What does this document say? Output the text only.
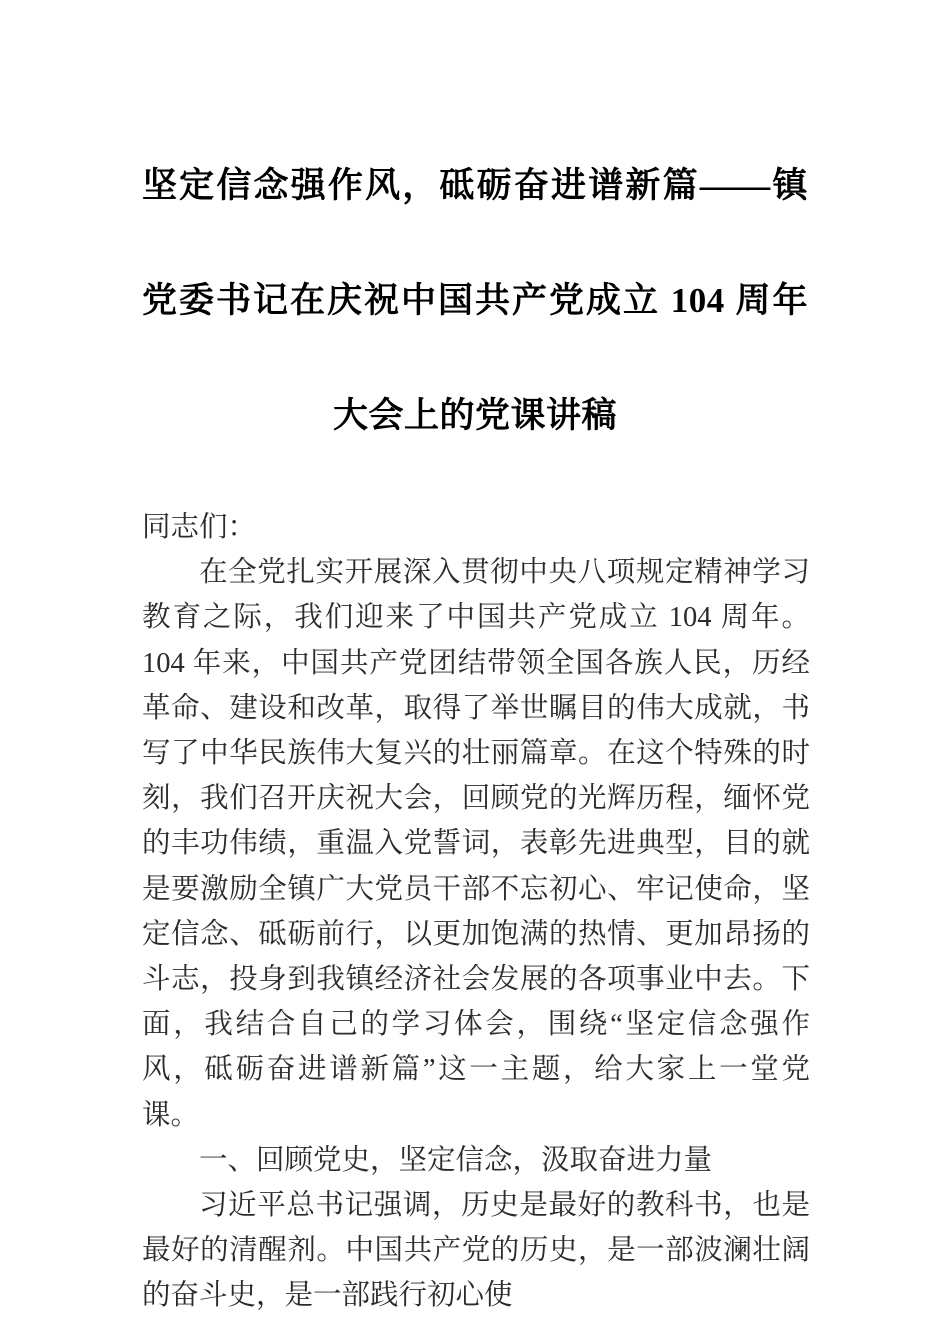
坚定信念强作风，砥砺奋进谱新篇——镇
党委书记在庆祝中国共产党成立 104 周年
大会上的党课讲稿

同志们：

在全党扎实开展深入贯彻中央八项规定精神学习教育之际，我们迎来了中国共产党成立 104 周年。104 年来，中国共产党团结带领全国各族人民，历经革命、建设和改革，取得了举世瞩目的伟大成就，书写了中华民族伟大复兴的壮丽篇章。在这个特殊的时刻，我们召开庆祝大会，回顾党的光辉历程，缅怀党的丰功伟绩，重温入党誓词，表彰先进典型，目的就是要激励全镇广大党员干部不忘初心、牢记使命，坚定信念、砥砺前行，以更加饱满的热情、更加昂扬的斗志，投身到我镇经济社会发展的各项事业中去。下面，我结合自己的学习体会，围绕“坚定信念强作风，砥砺奋进谱新篇”这一主题，给大家上一堂党课。

一、回顾党史，坚定信念，汲取奋进力量

习近平总书记强调，历史是最好的教科书，也是最好的清醒剂。中国共产党的历史，是一部波澜壮阔的奋斗史，是一部践行初心使
